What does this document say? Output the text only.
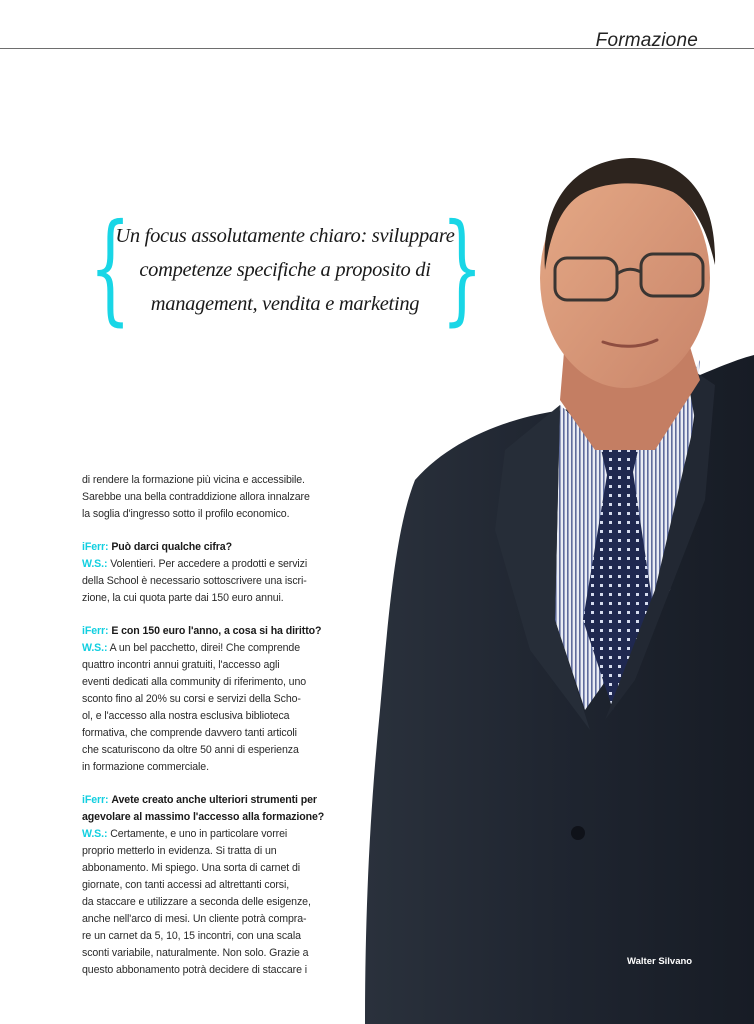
Formazione
{
Un focus assolutamente chiaro: sviluppare
competenze specifiche a proposito di
management, vendita e marketing }

di rendere la formazione più vicina e accessibile.
Sarebbe una bella contraddizione allora innalzare
la soglia d'ingresso sotto il profilo economico.

iFerr: Può darci qualche cifra?
W.S.: Volentieri. Per accedere a prodotti e servizi
della School è necessario sottoscrivere una iscri-
zione, la cui quota parte dai 150 euro annui.

iFerr: E con 150 euro l'anno, a cosa si ha diritto?
W.S.: A un bel pacchetto, direi! Che comprende
quattro incontri annui gratuiti, l'accesso agli
eventi dedicati alla community di riferimento, uno
sconto fino al 20% su corsi e servizi della Scho-
ol, e l'accesso alla nostra esclusiva biblioteca
formativa, che comprende davvero tanti articoli
che scaturiscono da oltre 50 anni di esperienza
in formazione commerciale.

iFerr: Avete creato anche ulteriori strumenti per
agevolare al massimo l'accesso alla formazione?
W.S.: Certamente, e uno in particolare vorrei
proprio metterlo in evidenza. Si tratta di un
abbonamento. Mi spiego. Una sorta di carnet di
giornate, con tanti accessi ad altrettanti corsi,
da staccare e utilizzare a seconda delle esigenze,
anche nell'arco di mesi. Un cliente potrà compra-
re un carnet da 5, 10, 15 incontri, con una scala
sconti variabile, naturalmente. Non solo. Grazie a
questo abbonamento potrà decidere di staccare i

Walter Silvano
